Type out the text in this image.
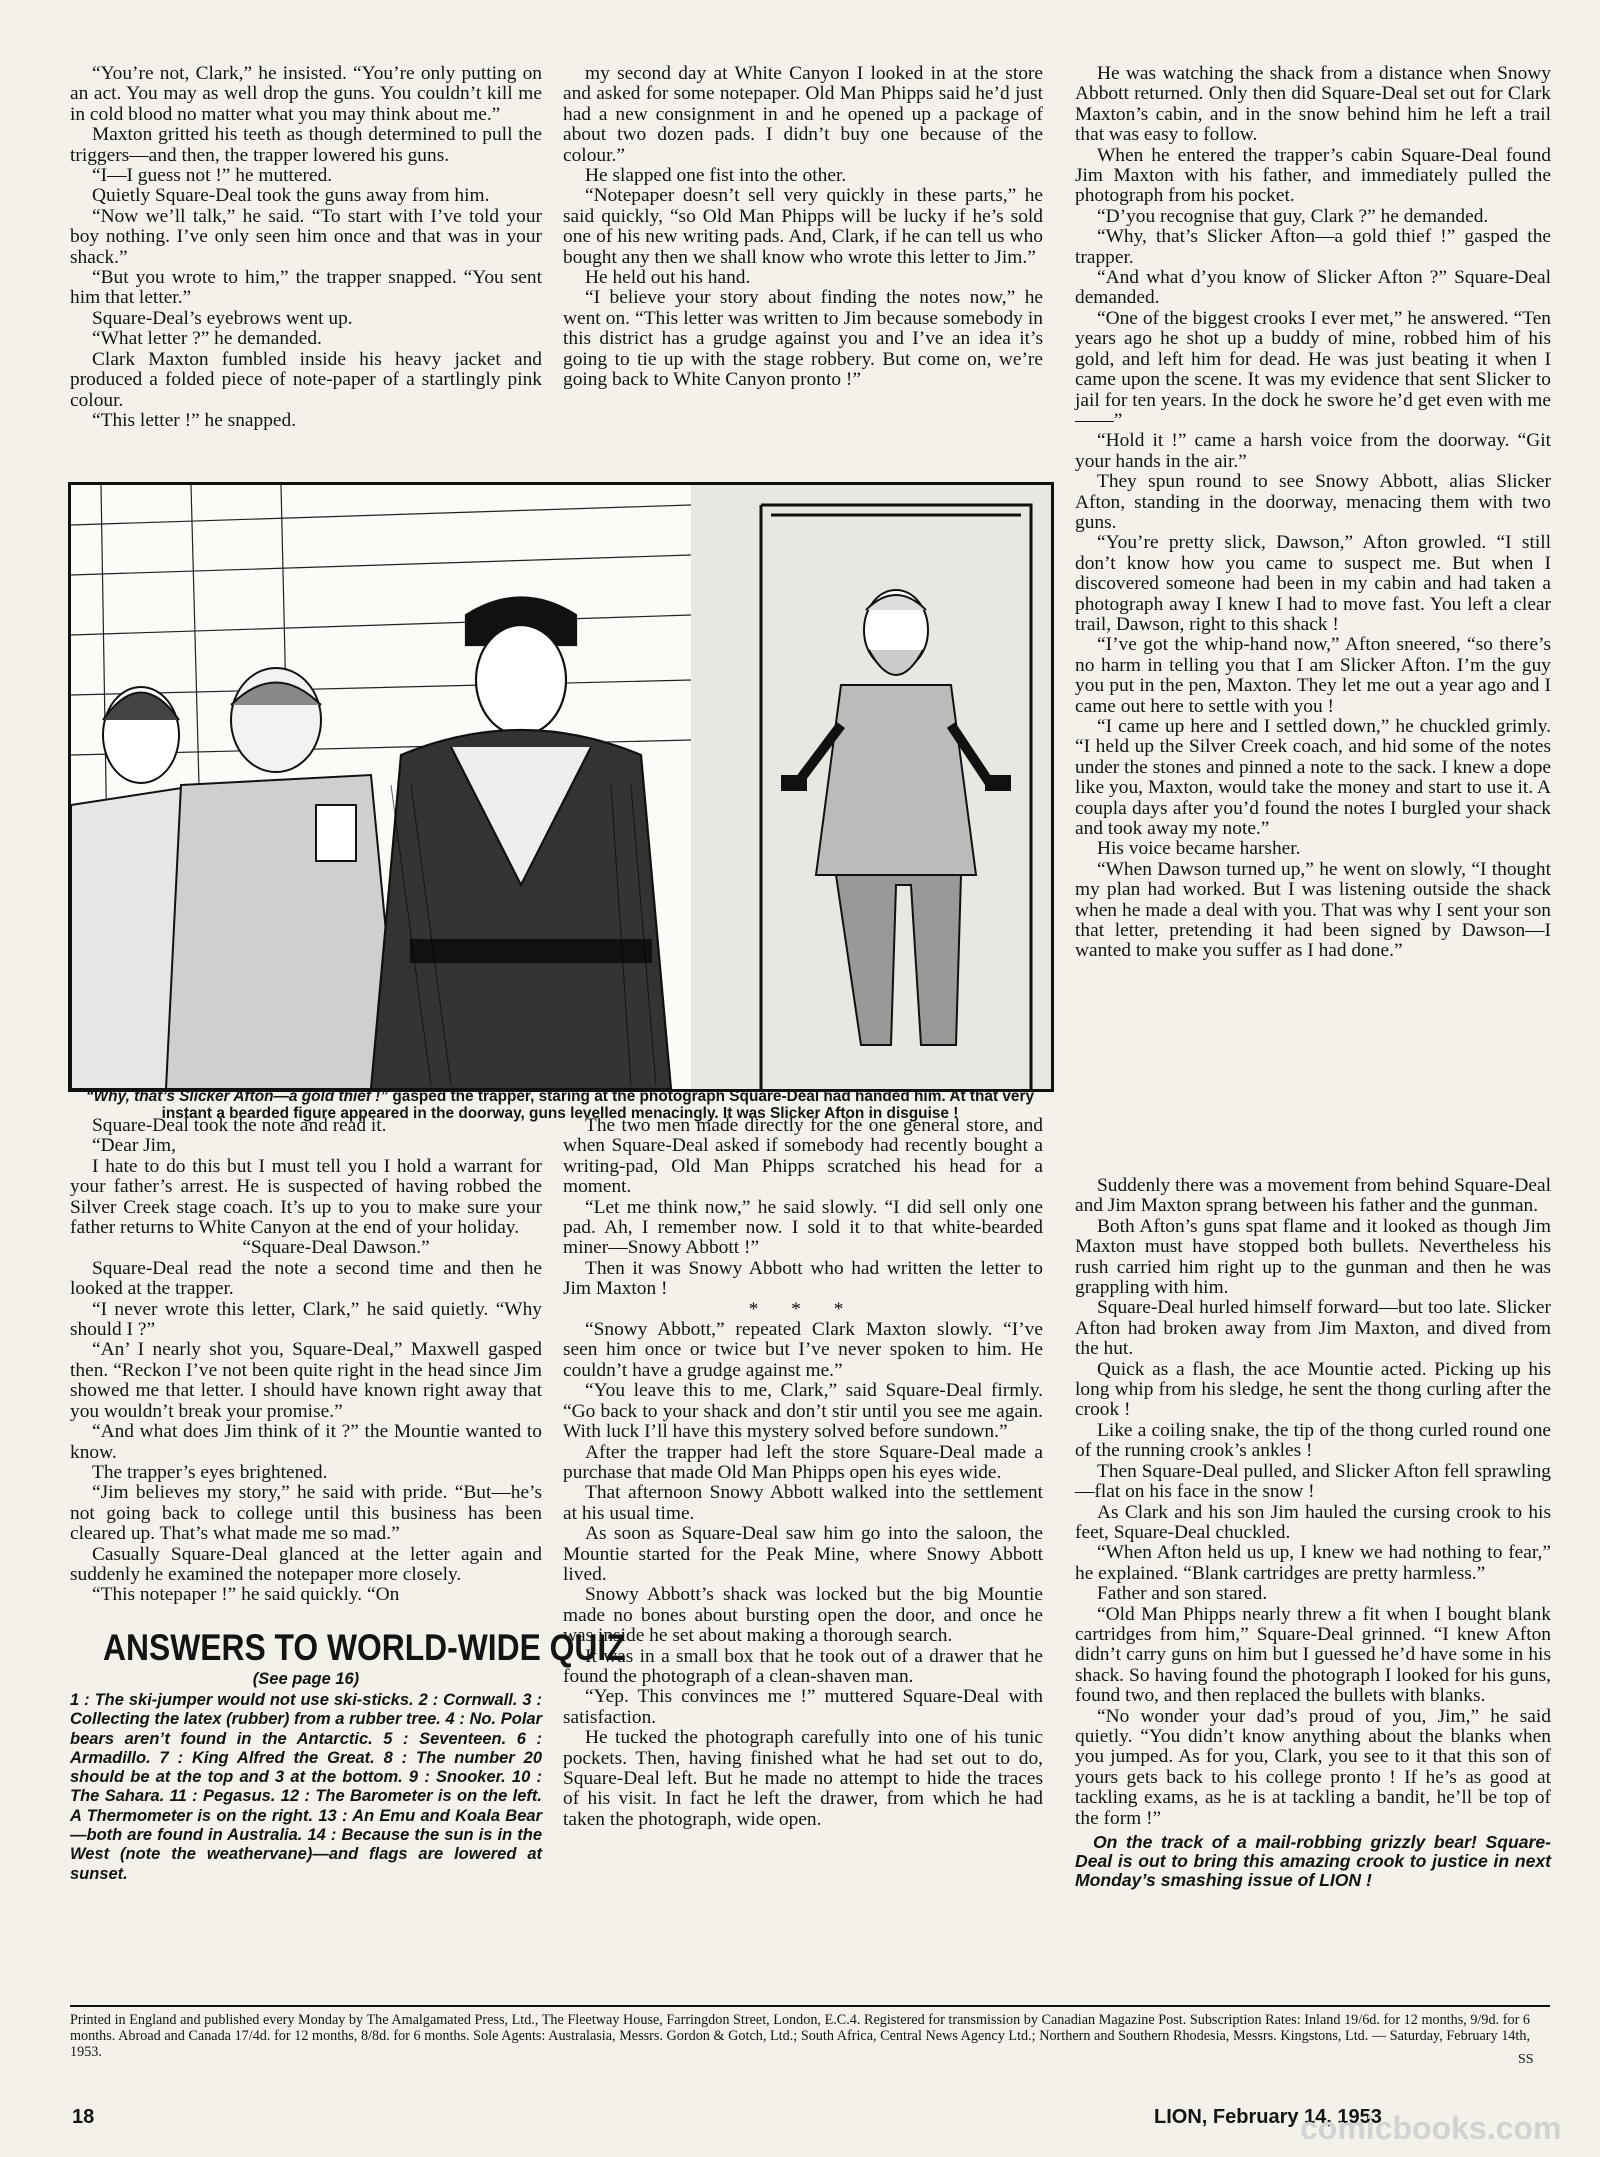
“You’re not, Clark,” he insisted. “You’re only putting on an act. You may as well drop the guns. You couldn’t kill me in cold blood no matter what you may think about me.”

Maxton gritted his teeth as though determined to pull the triggers—and then, the trapper lowered his guns.

“I—I guess not !” he muttered.

Quietly Square-Deal took the guns away from him.

“Now we’ll talk,” he said. “To start with I’ve told your boy nothing. I’ve only seen him once and that was in your shack.”

“But you wrote to him,” the trapper snapped. “You sent him that letter.”

Square-Deal’s eyebrows went up.

“What letter ?” he demanded.

Clark Maxton fumbled inside his heavy jacket and produced a folded piece of note-paper of a startlingly pink colour.

“This letter !” he snapped.

my second day at White Canyon I looked in at the store and asked for some notepaper. Old Man Phipps said he’d just had a new consignment in and he opened up a package of about two dozen pads. I didn’t buy one because of the colour.”

He slapped one fist into the other.

“Notepaper doesn’t sell very quickly in these parts,” he said quickly, “so Old Man Phipps will be lucky if he’s sold one of his new writing pads. And, Clark, if he can tell us who bought any then we shall know who wrote this letter to Jim.”

He held out his hand.

“I believe your story about finding the notes now,” he went on. “This letter was written to Jim because somebody in this district has a grudge against you and I’ve an idea it’s going to tie up with the stage robbery. But come on, we’re going back to White Canyon pronto !”

He was watching the shack from a distance when Snowy Abbott returned. Only then did Square-Deal set out for Clark Maxton’s cabin, and in the snow behind him he left a trail that was easy to follow.

When he entered the trapper’s cabin Square-Deal found Jim Maxton with his father, and immediately pulled the photograph from his pocket.

“D’you recognise that guy, Clark ?” he demanded.

“Why, that’s Slicker Afton—a gold thief !” gasped the trapper.

“And what d’you know of Slicker Afton ?” Square-Deal demanded.

“One of the biggest crooks I ever met,” he answered. “Ten years ago he shot up a buddy of mine, robbed him of his gold, and left him for dead. He was just beating it when I came upon the scene. It was my evidence that sent Slicker to jail for ten years. In the dock he swore he’d get even with me——”

“Hold it !” came a harsh voice from the doorway. “Git your hands in the air.”

They spun round to see Snowy Abbott, alias Slicker Afton, standing in the doorway, menacing them with two guns.

“You’re pretty slick, Dawson,” Afton growled. “I still don’t know how you came to suspect me. But when I discovered someone had been in my cabin and had taken a photograph away I knew I had to move fast. You left a clear trail, Dawson, right to this shack !

“I’ve got the whip-hand now,” Afton sneered, “so there’s no harm in telling you that I am Slicker Afton. I’m the guy you put in the pen, Maxton. They let me out a year ago and I came out here to settle with you !

“I came up here and I settled down,” he chuckled grimly. “I held up the Silver Creek coach, and hid some of the notes under the stones and pinned a note to the sack. I knew a dope like you, Maxton, would take the money and start to use it. A coupla days after you’d found the notes I burgled your shack and took away my note.”

His voice became harsher.

“When Dawson turned up,” he went on slowly, “I thought my plan had worked. But I was listening outside the shack when he made a deal with you. That was why I sent your son that letter, pretending it had been signed by Dawson—I wanted to make you suffer as I had done.”

“Why, that’s Slicker Afton—a gold thief !” gasped the trapper, staring at the photograph Square-Deal had handed him. At that very instant a bearded figure appeared in the doorway, guns levelled menacingly. It was Slicker Afton in disguise !

Square-Deal took the note and read it.

“Dear Jim,

I hate to do this but I must tell you I hold a warrant for your father’s arrest. He is suspected of having robbed the Silver Creek stage coach. It’s up to you to make sure your father returns to White Canyon at the end of your holiday.

“Square-Deal Dawson.”

Square-Deal read the note a second time and then he looked at the trapper.

“I never wrote this letter, Clark,” he said quietly. “Why should I ?”

“An’ I nearly shot you, Square-Deal,” Maxwell gasped then. “Reckon I’ve not been quite right in the head since Jim showed me that letter. I should have known right away that you wouldn’t break your promise.”

“And what does Jim think of it ?” the Mountie wanted to know.

The trapper’s eyes brightened.

“Jim believes my story,” he said with pride. “But—he’s not going back to college until this business has been cleared up. That’s what made me so mad.”

Casually Square-Deal glanced at the letter again and suddenly he examined the notepaper more closely.

“This notepaper !” he said quickly. “On

The two men made directly for the one general store, and when Square-Deal asked if somebody had recently bought a writing-pad, Old Man Phipps scratched his head for a moment.

“Let me think now,” he said slowly. “I did sell only one pad. Ah, I remember now. I sold it to that white-bearded miner—Snowy Abbott !”

Then it was Snowy Abbott who had written the letter to Jim Maxton !

* * *

“Snowy Abbott,” repeated Clark Maxton slowly. “I’ve seen him once or twice but I’ve never spoken to him. He couldn’t have a grudge against me.”

“You leave this to me, Clark,” said Square-Deal firmly. “Go back to your shack and don’t stir until you see me again. With luck I’ll have this mystery solved before sundown.”

After the trapper had left the store Square-Deal made a purchase that made Old Man Phipps open his eyes wide.

That afternoon Snowy Abbott walked into the settlement at his usual time.

As soon as Square-Deal saw him go into the saloon, the Mountie started for the Peak Mine, where Snowy Abbott lived.

Snowy Abbott’s shack was locked but the big Mountie made no bones about bursting open the door, and once he was inside he set about making a thorough search.

It was in a small box that he took out of a drawer that he found the photograph of a clean-shaven man.

“Yep. This convinces me !” muttered Square-Deal with satisfaction.

He tucked the photograph carefully into one of his tunic pockets. Then, having finished what he had set out to do, Square-Deal left. But he made no attempt to hide the traces of his visit. In fact he left the drawer, from which he had taken the photograph, wide open.

Suddenly there was a movement from behind Square-Deal and Jim Maxton sprang between his father and the gunman.

Both Afton’s guns spat flame and it looked as though Jim Maxton must have stopped both bullets. Nevertheless his rush carried him right up to the gunman and then he was grappling with him.

Square-Deal hurled himself forward—but too late. Slicker Afton had broken away from Jim Maxton, and dived from the hut.

Quick as a flash, the ace Mountie acted. Picking up his long whip from his sledge, he sent the thong curling after the crook !

Like a coiling snake, the tip of the thong curled round one of the running crook’s ankles !

Then Square-Deal pulled, and Slicker Afton fell sprawling—flat on his face in the snow !

As Clark and his son Jim hauled the cursing crook to his feet, Square-Deal chuckled.

“When Afton held us up, I knew we had nothing to fear,” he explained. “Blank cartridges are pretty harmless.”

Father and son stared.

“Old Man Phipps nearly threw a fit when I bought blank cartridges from him,” Square-Deal grinned. “I knew Afton didn’t carry guns on him but I guessed he’d have some in his shack. So having found the photograph I looked for his guns, found two, and then replaced the bullets with blanks.

“No wonder your dad’s proud of you, Jim,” he said quietly. “You didn’t know anything about the blanks when you jumped. As for you, Clark, you see to it that this son of yours gets back to his college pronto ! If he’s as good at tackling exams, as he is at tackling a bandit, he’ll be top of the form !”

On the track of a mail-robbing grizzly bear! Square-Deal is out to bring this amazing crook to justice in next Monday’s smashing issue of LION !

ANSWERS TO WORLD-WIDE QUIZ
(See page 16)
1 : The ski-jumper would not use ski-sticks. 2 : Cornwall. 3 : Collecting the latex (rubber) from a rubber tree. 4 : No. Polar bears aren’t found in the Antarctic. 5 : Seventeen. 6 : Armadillo. 7 : King Alfred the Great. 8 : The number 20 should be at the top and 3 at the bottom. 9 : Snooker. 10 : The Sahara. 11 : Pegasus. 12 : The Barometer is on the left. A Thermometer is on the right. 13 : An Emu and Koala Bear—both are found in Australia. 14 : Because the sun is in the West (note the weathervane)—and flags are lowered at sunset.
Printed in England and published every Monday by The Amalgamated Press, Ltd., The Fleetway House, Farringdon Street, London, E.C.4. Registered for transmission by Canadian Magazine Post. Subscription Rates: Inland 19/6d. for 12 months, 9/9d. for 6 months. Abroad and Canada 17/4d. for 12 months, 8/8d. for 6 months. Sole Agents: Australasia, Messrs. Gordon & Gotch, Ltd.; South Africa, Central News Agency Ltd.; Northern and Southern Rhodesia, Messrs. Kingstons, Ltd. — Saturday, February 14th, 1953.	SS
18	LION, February 14, 1953
comicbooks.com
